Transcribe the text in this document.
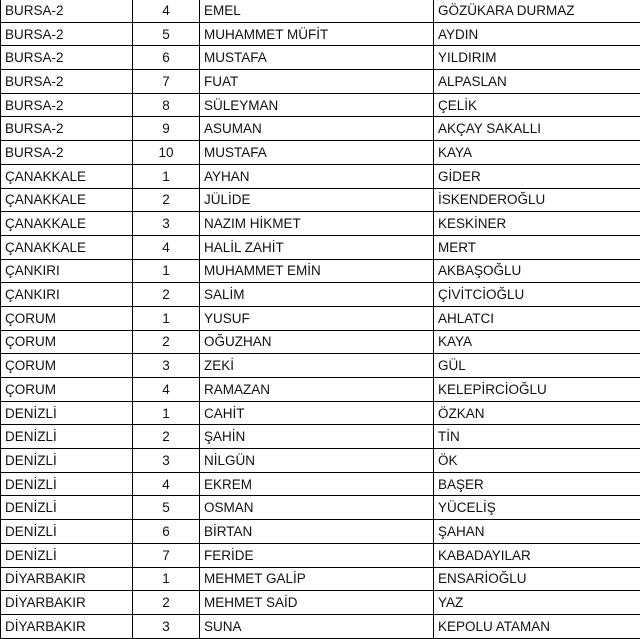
BURSA-2	4	EMEL	GÖZÜKARA DURMAZ
BURSA-2	5	MUHAMMET MÜFİT	AYDIN
BURSA-2	6	MUSTAFA	YILDIRIM
BURSA-2	7	FUAT	ALPASLAN
BURSA-2	8	SÜLEYMAN	ÇELİK
BURSA-2	9	ASUMAN	AKÇAY SAKALLI
BURSA-2	10	MUSTAFA	KAYA
ÇANAKKALE	1	AYHAN	GİDER
ÇANAKKALE	2	JÜLİDE	İSKENDEROĞLU
ÇANAKKALE	3	NAZIM HİKMET	KESKİNER
ÇANAKKALE	4	HALİL ZAHİT	MERT
ÇANKIRI	1	MUHAMMET EMİN	AKBAŞOĞLU
ÇANKIRI	2	SALİM	ÇİVİTCİOĞLU
ÇORUM	1	YUSUF	AHLATCI
ÇORUM	2	OĞUZHAN	KAYA
ÇORUM	3	ZEKİ	GÜL
ÇORUM	4	RAMAZAN	KELEPİRCİOĞLU
DENİZLİ	1	CAHİT	ÖZKAN
DENİZLİ	2	ŞAHİN	TİN
DENİZLİ	3	NİLGÜN	ÖK
DENİZLİ	4	EKREM	BAŞER
DENİZLİ	5	OSMAN	YÜCELİŞ
DENİZLİ	6	BİRTAN	ŞAHAN
DENİZLİ	7	FERİDE	KABADAYILAR
DİYARBAKIR	1	MEHMET GALİP	ENSARİOĞLU
DİYARBAKIR	2	MEHMET SAİD	YAZ
DİYARBAKIR	3	SUNA	KEPOLU ATAMAN
